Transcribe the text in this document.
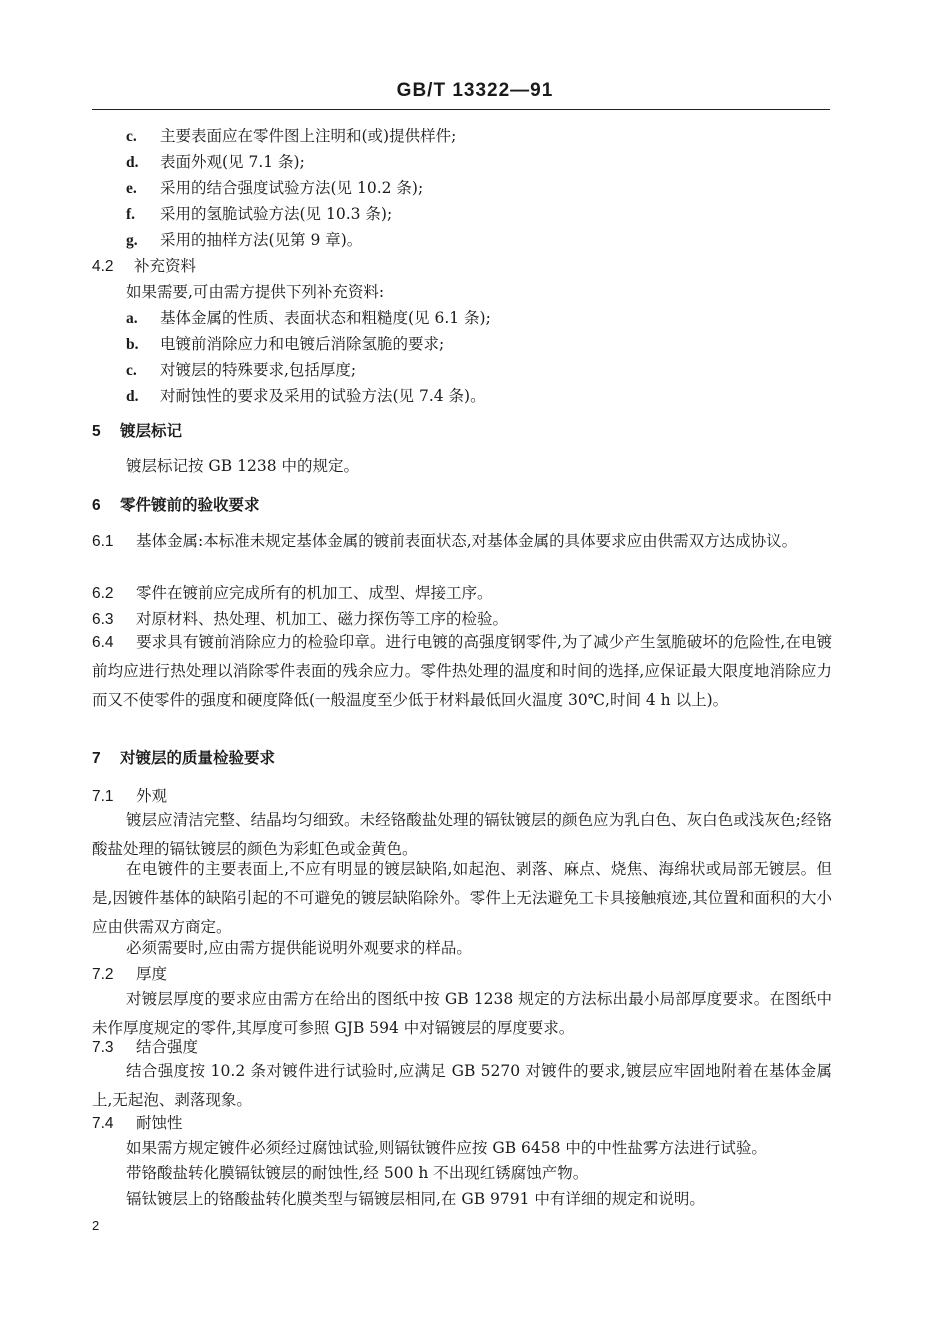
GB/T 13322—91
c. 主要表面应在零件图上注明和(或)提供样件;
d. 表面外观(见 7.1 条);
e. 采用的结合强度试验方法(见 10.2 条);
f. 采用的氢脆试验方法(见 10.3 条);
g. 采用的抽样方法(见第 9 章)。
4.2 补充资料
如果需要,可由需方提供下列补充资料:
a. 基体金属的性质、表面状态和粗糙度(见 6.1 条);
b. 电镀前消除应力和电镀后消除氢脆的要求;
c. 对镀层的特殊要求,包括厚度;
d. 对耐蚀性的要求及采用的试验方法(见 7.4 条)。
5 镀层标记
镀层标记按 GB 1238 中的规定。
6 零件镀前的验收要求
6.1 基体金属:本标准未规定基体金属的镀前表面状态,对基体金属的具体要求应由供需双方达成协议。
6.2 零件在镀前应完成所有的机加工、成型、焊接工序。
6.3 对原材料、热处理、机加工、磁力探伤等工序的检验。
6.4 要求具有镀前消除应力的检验印章。进行电镀的高强度钢零件,为了减少产生氢脆破坏的危险性,在电镀前均应进行热处理以消除零件表面的残余应力。零件热处理的温度和时间的选择,应保证最大限度地消除应力而又不使零件的强度和硬度降低(一般温度至少低于材料最低回火温度 30℃,时间 4 h 以上)。
7 对镀层的质量检验要求
7.1 外观
镀层应清洁完整、结晶均匀细致。未经铬酸盐处理的镉钛镀层的颜色应为乳白色、灰白色或浅灰色;经铬酸盐处理的镉钛镀层的颜色为彩虹色或金黄色。
在电镀件的主要表面上,不应有明显的镀层缺陷,如起泡、剥落、麻点、烧焦、海绵状或局部无镀层。但是,因镀件基体的缺陷引起的不可避免的镀层缺陷除外。零件上无法避免工卡具接触痕迹,其位置和面积的大小应由供需双方商定。
必须需要时,应由需方提供能说明外观要求的样品。
7.2 厚度
对镀层厚度的要求应由需方在给出的图纸中按 GB 1238 规定的方法标出最小局部厚度要求。在图纸中未作厚度规定的零件,其厚度可参照 GJB 594 中对镉镀层的厚度要求。
7.3 结合强度
结合强度按 10.2 条对镀件进行试验时,应满足 GB 5270 对镀件的要求,镀层应牢固地附着在基体金属上,无起泡、剥落现象。
7.4 耐蚀性
如果需方规定镀件必须经过腐蚀试验,则镉钛镀件应按 GB 6458 中的中性盐雾方法进行试验。
带铬酸盐转化膜镉钛镀层的耐蚀性,经 500 h 不出现红锈腐蚀产物。
镉钛镀层上的铬酸盐转化膜类型与镉镀层相同,在 GB 9791 中有详细的规定和说明。
2
